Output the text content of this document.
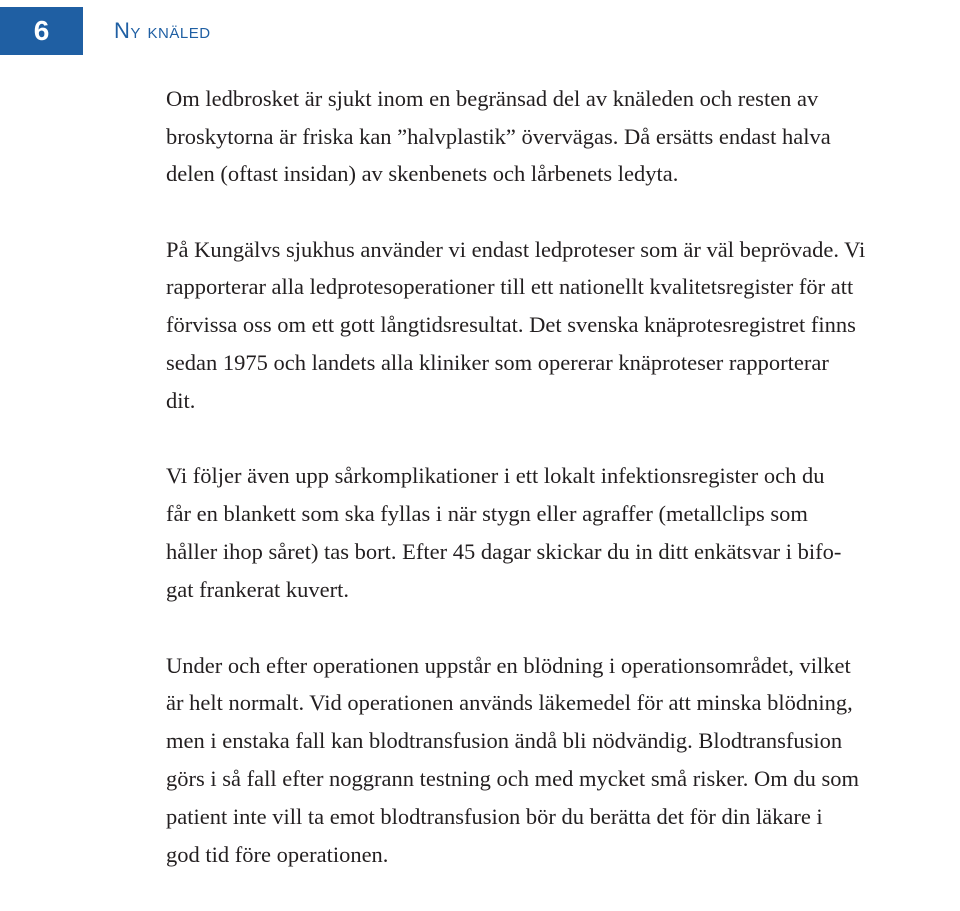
6	Ny knäled

Om ledbrosket är sjukt inom en begränsad del av knäleden och resten av
broskytorna är friska kan ”halvplastik” övervägas. Då ersätts endast halva
delen (oftast insidan) av skenbenets och lårbenets ledyta.

På Kungälvs sjukhus använder vi endast ledproteser som är väl beprövade. Vi
rapporterar alla ledprotesoperationer till ett nationellt kvalitetsregister för att
förvissa oss om ett gott långtidsresultat. Det svenska knäprotesregistret finns
sedan 1975 och landets alla kliniker som opererar knäproteser rapporterar
dit.

Vi följer även upp sårkomplikationer i ett lokalt infektionsregister och du
får en blankett som ska fyllas i när stygn eller agraffer (metallclips som
håller ihop såret) tas bort. Efter 45 dagar skickar du in ditt enkätsvar i bifo-
gat frankerat kuvert.

Under och efter operationen uppstår en blödning i operationsområdet, vilket
är helt normalt. Vid operationen används läkemedel för att minska blödning,
men i enstaka fall kan blodtransfusion ändå bli nödvändig. Blodtransfusion
görs i så fall efter noggrann testning och med mycket små risker. Om du som
patient inte vill ta emot blodtransfusion bör du berätta det för din läkare i
god tid före operationen.
